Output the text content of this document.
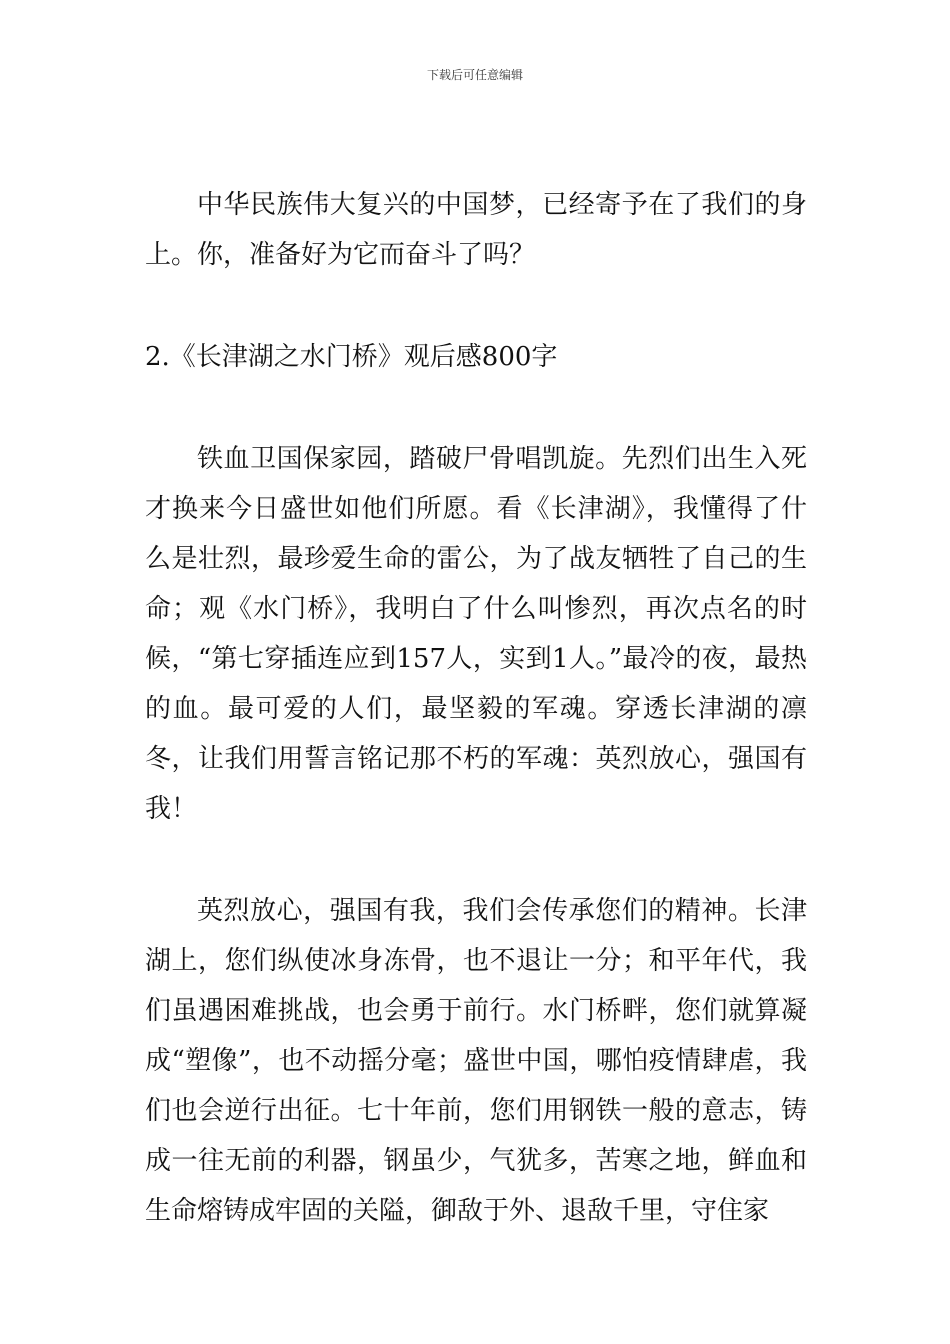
下载后可任意编辑

中华民族伟大复兴的中国梦，已经寄予在了我们的身上。你，准备好为它而奋斗了吗？

2.《长津湖之水门桥》观后感800字

铁血卫国保家园，踏破尸骨唱凯旋。先烈们出生入死才换来今日盛世如他们所愿。看《长津湖》，我懂得了什么是壮烈，最珍爱生命的雷公，为了战友牺牲了自己的生命；观《水门桥》，我明白了什么叫惨烈，再次点名的时候，“第七穿插连应到157人，实到1人。”最冷的夜，最热的血。最可爱的人们，最坚毅的军魂。穿透长津湖的凛冬，让我们用誓言铭记那不朽的军魂：英烈放心，强国有我！

英烈放心，强国有我，我们会传承您们的精神。长津湖上，您们纵使冰身冻骨，也不退让一分；和平年代，我们虽遇困难挑战，也会勇于前行。水门桥畔，您们就算凝成“塑像”，也不动摇分毫；盛世中国，哪怕疫情肆虐，我们也会逆行出征。七十年前，您们用钢铁一般的意志，铸成一往无前的利器，钢虽少，气犹多，苦寒之地，鲜血和生命熔铸成牢固的关隘，御敌于外、退敌千里，守住家
